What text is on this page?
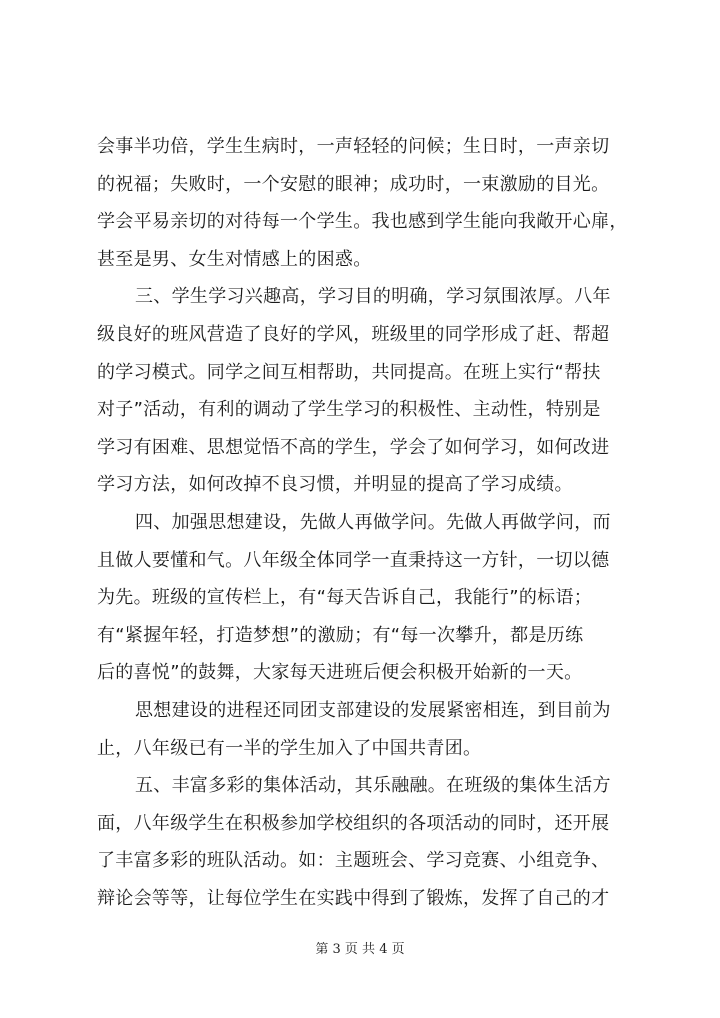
会事半功倍，学生生病时，一声轻轻的问候；生日时，一声亲切
的祝福；失败时，一个安慰的眼神；成功时，一束激励的目光。
学会平易亲切的对待每一个学生。我也感到学生能向我敞开心扉，
甚至是男、女生对情感上的困惑。
三、学生学习兴趣高，学习目的明确，学习氛围浓厚。八年
级良好的班风营造了良好的学风，班级里的同学形成了赶、帮超
的学习模式。同学之间互相帮助，共同提高。在班上实行“帮扶
对子”活动，有利的调动了学生学习的积极性、主动性，特别是
学习有困难、思想觉悟不高的学生，学会了如何学习，如何改进
学习方法，如何改掉不良习惯，并明显的提高了学习成绩。
四、加强思想建设，先做人再做学问。先做人再做学问，而
且做人要懂和气。八年级全体同学一直秉持这一方针，一切以德
为先。班级的宣传栏上，有“每天告诉自己，我能行”的标语；
有“紧握年轻，打造梦想”的激励；有“每一次攀升，都是历练
后的喜悦”的鼓舞，大家每天进班后便会积极开始新的一天。
思想建设的进程还同团支部建设的发展紧密相连，到目前为
止，八年级已有一半的学生加入了中国共青团。
五、丰富多彩的集体活动，其乐融融。在班级的集体生活方
面，八年级学生在积极参加学校组织的各项活动的同时，还开展
了丰富多彩的班队活动。如：主题班会、学习竞赛、小组竞争、
辩论会等等，让每位学生在实践中得到了锻炼，发挥了自己的才
第 3 页 共 4 页
